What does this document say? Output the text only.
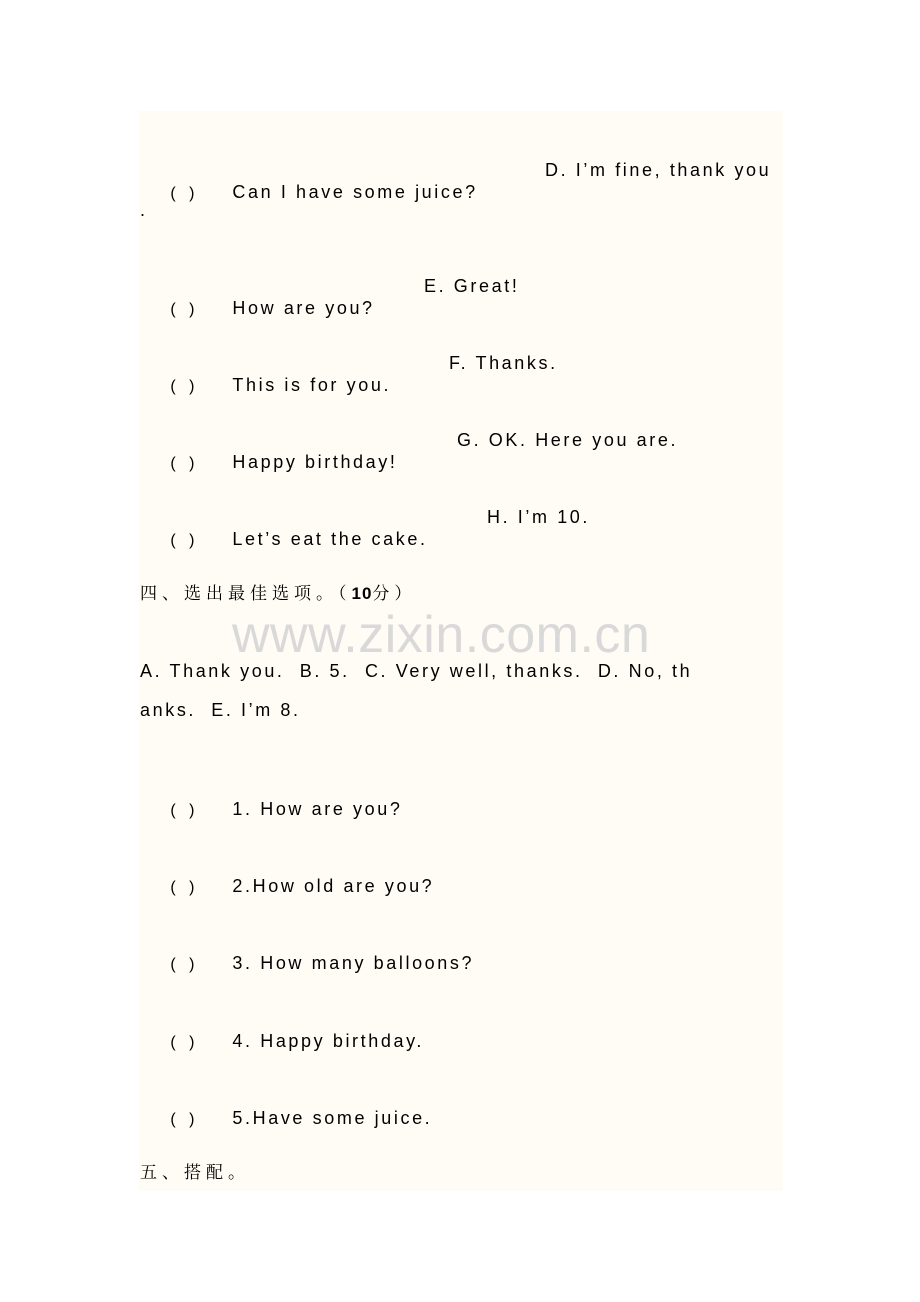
(   ) Can I have some juice?

D. I’m fine, thank you
.

(   ) How are you?

E. Great!

(   ) This is for you.

F. Thanks.

(   ) Happy birthday!

G. OK. Here you are.

(   ) Let’s eat the cake.

H. I’m 10.
四、选出最佳选项。（10分）
www.zixin.com.cn
A. Thank you.  B. 5.  C. Very well, thanks.  D. No, th
anks.  E. I’m 8.

(   ) 1. How are you?

(   ) 2.How old are you?

(   ) 3. How many balloons?

(   ) 4. Happy birthday.

(   ) 5.Have some juice.

五、搭配。
